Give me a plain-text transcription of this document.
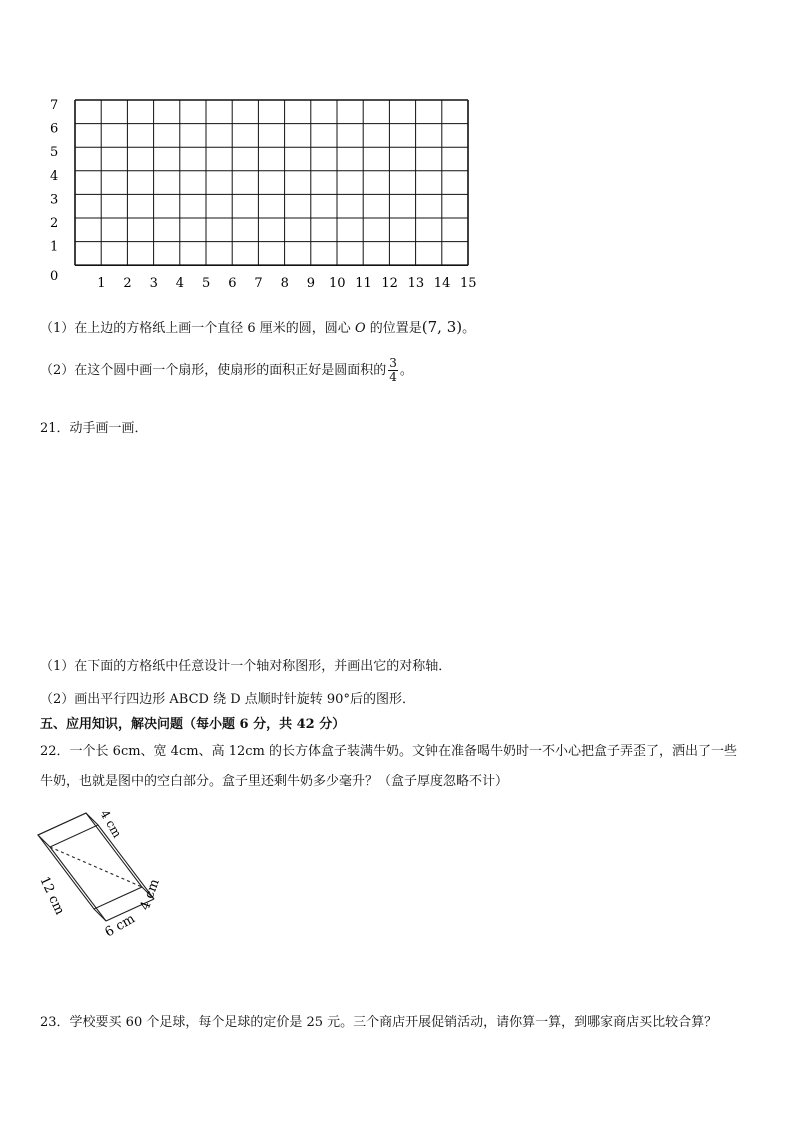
0
1
2
3
4
5
6
7
1 2 3 4 5 6 7 8 9 10 11 12 13 14 15
（1）在上边的方格纸上画一个直径 6 厘米的圆，圆心 O 的位置是(7, 3)。
（2）在这个圆中画一个扇形，使扇形的面积正好是圆面积的 $\frac{3}{4}$ 。
21．动手画一画．
（1）在下面的方格纸中任意设计一个轴对称图形，并画出它的对称轴．
（2）画出平行四边形 ABCD 绕 D 点顺时针旋转 90°后的图形．
五、应用知识，解决问题（每小题 6 分，共 42 分）
22．一个长 6cm、宽 4cm、高 12cm 的长方体盒子装满牛奶。文钟在准备喝牛奶时一不小心把盒子弄歪了，洒出了一些
牛奶，也就是图中的空白部分。盒子里还剩牛奶多少毫升？（盒子厚度忽略不计）
4 cm
12 cm
6 cm
4 cm
23．学校要买 60 个足球，每个足球的定价是 25 元。三个商店开展促销活动，请你算一算，到哪家商店买比较合算？
